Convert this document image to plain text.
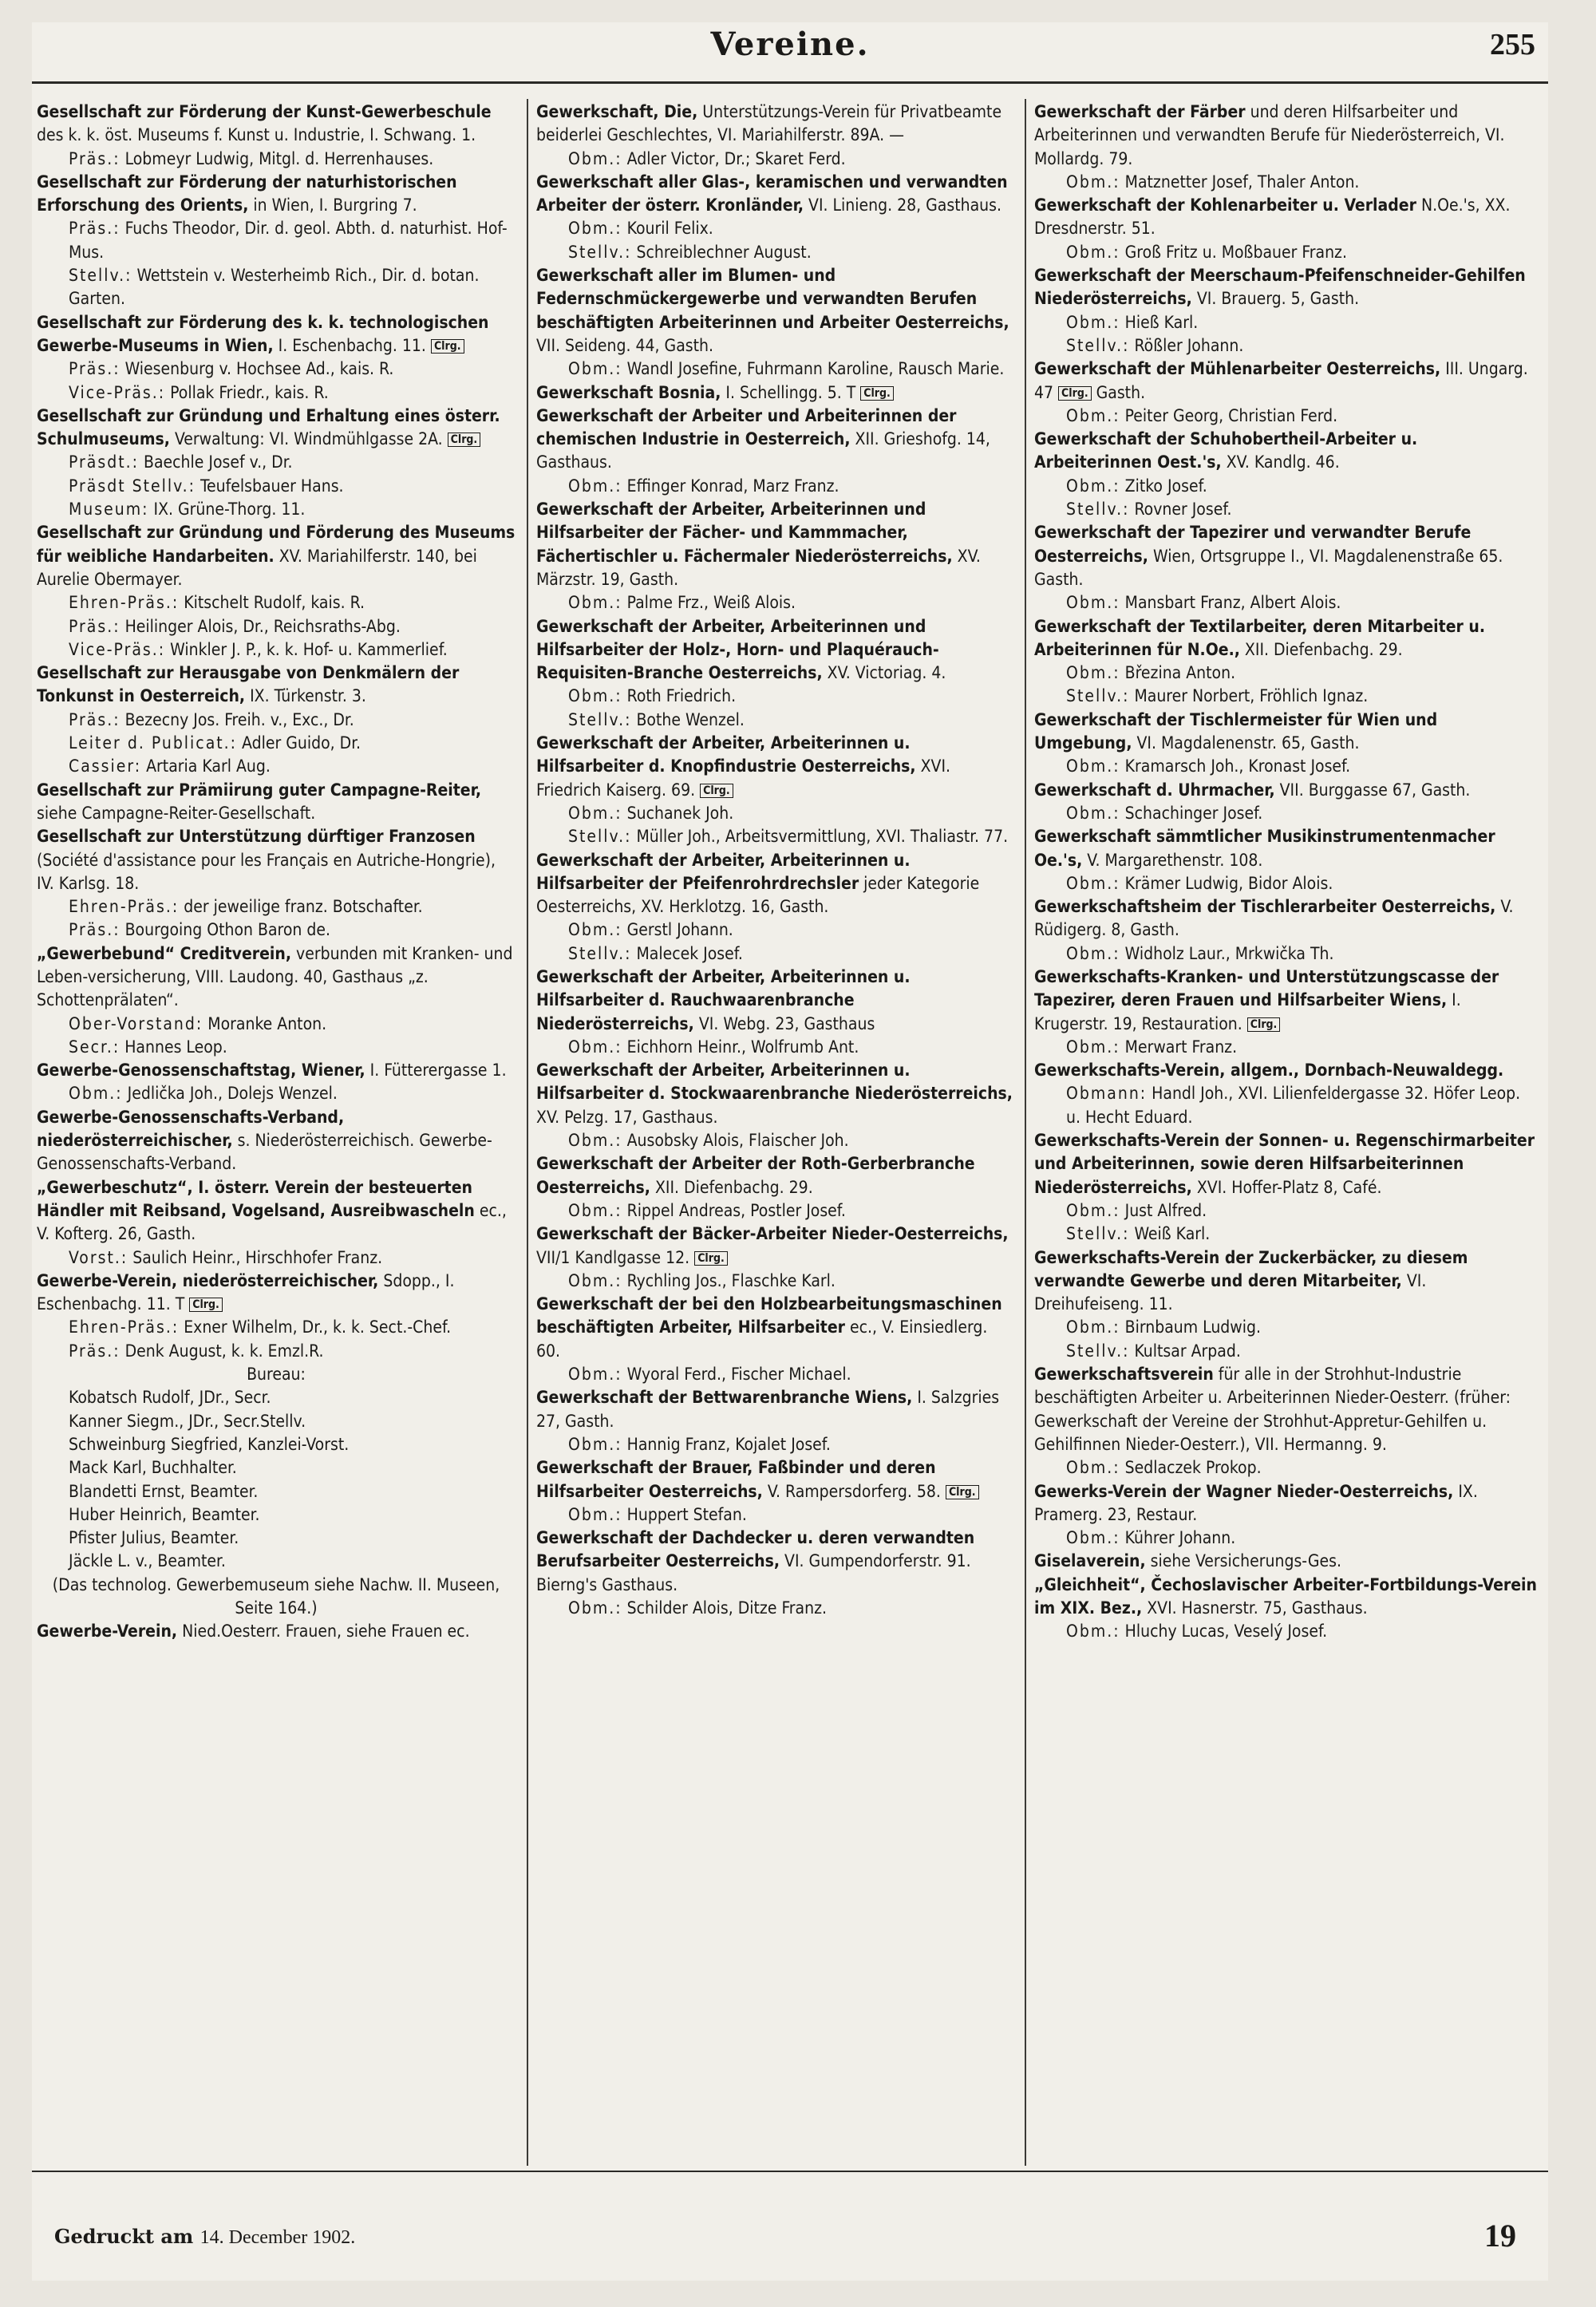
Vereine.	255
Gesellschaft zur Förderung der Kunst-Gewerbeschule des k. k. öst. Museums f. Kunst u. Industrie, I. Schwang. 1.
Präs.: Lobmeyr Ludwig, Mitgl. d. Herrenhauses.
Gesellschaft zur Förderung der naturhistorischen Erforschung des Orients, in Wien, I. Burgring 7.
Präs.: Fuchs Theodor, Dir. d. geol. Abth. d. naturhist. Hof-Mus.
Stellv.: Wettstein v. Westerheimb Rich., Dir. d. botan. Garten.
Gesellschaft zur Förderung des k. k. technologischen Gewerbe-Museums in Wien, I. Eschenbachg. 11. Clrg.
Präs.: Wiesenburg v. Hochsee Ad., kais. R.
Vice-Präs.: Pollak Friedr., kais. R.
Gesellschaft zur Gründung und Erhaltung eines österr. Schulmuseums, Verwaltung: VI. Windmühlgasse 2A. Clrg.
Präsdt.: Baechle Josef v., Dr.
Präsdt Stellv.: Teufelsbauer Hans.
Museum: IX. Grüne-Thorg. 11.
Gesellschaft zur Gründung und Förderung des Museums für weibliche Handarbeiten. XV. Mariahilferstr. 140, bei Aurelie Obermayer.
Ehren-Präs.: Kitschelt Rudolf, kais. R.
Präs.: Heilinger Alois, Dr., Reichsraths-Abg.
Vice-Präs.: Winkler J. P., k. k. Hof- u. Kammerlief.
Gesellschaft zur Herausgabe von Denkmälern der Tonkunst in Oesterreich, IX. Türkenstr. 3.
Präs.: Bezecny Jos. Freih. v., Exc., Dr.
Leiter d. Publicat.: Adler Guido, Dr.
Cassier: Artaria Karl Aug.
Gesellschaft zur Prämiirung guter Campagne-Reiter, siehe Campagne-Reiter-Gesellschaft.
Gesellschaft zur Unterstützung dürftiger Franzosen (Société d'assistance pour les Français en Autriche-Hongrie), IV. Karlsg. 18.
Ehren-Präs.: der jeweilige franz. Botschafter.
Präs.: Bourgoing Othon Baron de.
„Gewerbebund“ Creditverein, verbunden mit Kranken- und Leben-versicherung, VIII. Laudong. 40, Gasthaus „z. Schottenprälaten“.
Ober-Vorstand: Moranke Anton.
Secr.: Hannes Leop.
Gewerbe-Genossenschaftstag, Wiener, I. Fütterergasse 1.
Obm.: Jedlička Joh., Dolejs Wenzel.
Gewerbe-Genossenschafts-Verband, niederösterreichischer, s. Niederösterreichisch. Gewerbe-Genossenschafts-Verband.
„Gewerbeschutz“, I. österr. Verein der besteuerten Händler mit Reibsand, Vogelsand, Ausreibwascheln ec., V. Kofterg. 26, Gasth.
Vorst.: Saulich Heinr., Hirschhofer Franz.
Gewerbe-Verein, niederösterreichischer, Sdopp., I. Eschenbachg. 11. T Clrg.
Ehren-Präs.: Exner Wilhelm, Dr., k. k. Sect.-Chef.
Präs.: Denk August, k. k. Emzl.R.
Bureau:
Kobatsch Rudolf, JDr., Secr.
Kanner Siegm., JDr., Secr.Stellv.
Schweinburg Siegfried, Kanzlei-Vorst.
Mack Karl, Buchhalter.
Blandetti Ernst, Beamter.
Huber Heinrich, Beamter.
Pfister Julius, Beamter.
Jäckle L. v., Beamter.
(Das technolog. Gewerbemuseum siehe Nachw. II. Museen, Seite 164.)
Gewerbe-Verein, Nied.Oesterr. Frauen, siehe Frauen ec.
Gewerkschaft, Die, Unterstützungs-Verein für Privatbeamte beiderlei Geschlechtes, VI. Mariahilferstr. 89A. —
Obm.: Adler Victor, Dr.; Skaret Ferd.
Gewerkschaft aller Glas-, keramischen und verwandten Arbeiter der österr. Kronländer, VI. Linieng. 28, Gasthaus.
Obm.: Kouril Felix.
Stellv.: Schreiblechner August.
Gewerkschaft aller im Blumen- und Federnschmückergewerbe und verwandten Berufen beschäftigten Arbeiterinnen und Arbeiter Oesterreichs, VII. Seideng. 44, Gasth.
Obm.: Wandl Josefine, Fuhrmann Karoline, Rausch Marie.
Gewerkschaft Bosnia, I. Schellingg. 5. T Clrg.
Gewerkschaft der Arbeiter und Arbeiterinnen der chemischen Industrie in Oesterreich, XII. Grieshofg. 14, Gasthaus.
Obm.: Effinger Konrad, Marz Franz.
Gewerkschaft der Arbeiter, Arbeiterinnen und Hilfsarbeiter der Fächer- und Kammmacher, Fächertischler u. Fächermaler Niederösterreichs, XV. Märzstr. 19, Gasth.
Obm.: Palme Frz., Weiß Alois.
Gewerkschaft der Arbeiter, Arbeiterinnen und Hilfsarbeiter der Holz-, Horn- und Plaquérauch-Requisiten-Branche Oesterreichs, XV. Victoriag. 4.
Obm.: Roth Friedrich.
Stellv.: Bothe Wenzel.
Gewerkschaft der Arbeiter, Arbeiterinnen u. Hilfsarbeiter d. Knopfindustrie Oesterreichs, XVI. Friedrich Kaiserg. 69. Clrg.
Obm.: Suchanek Joh.
Stellv.: Müller Joh., Arbeitsvermittlung, XVI. Thaliastr. 77.
Gewerkschaft der Arbeiter, Arbeiterinnen u. Hilfsarbeiter der Pfeifenrohrdrechsler jeder Kategorie Oesterreichs, XV. Herklotzg. 16, Gasth.
Obm.: Gerstl Johann.
Stellv.: Malecek Josef.
Gewerkschaft der Arbeiter, Arbeiterinnen u. Hilfsarbeiter d. Rauchwaarenbranche Niederösterreichs, VI. Webg. 23, Gasthaus
Obm.: Eichhorn Heinr., Wolfrumb Ant.
Gewerkschaft der Arbeiter, Arbeiterinnen u. Hilfsarbeiter d. Stockwaarenbranche Niederösterreichs, XV. Pelzg. 17, Gasthaus.
Obm.: Ausobsky Alois, Flaischer Joh.
Gewerkschaft der Arbeiter der Roth-Gerberbranche Oesterreichs, XII. Diefenbachg. 29.
Obm.: Rippel Andreas, Postler Josef.
Gewerkschaft der Bäcker-Arbeiter Nieder-Oesterreichs, VII/1 Kandlgasse 12. Clrg.
Obm.: Rychling Jos., Flaschke Karl.
Gewerkschaft der bei den Holzbearbeitungsmaschinen beschäftigten Arbeiter, Hilfsarbeiter ec., V. Einsiedlerg. 60.
Obm.: Wyoral Ferd., Fischer Michael.
Gewerkschaft der Bettwarenbranche Wiens, I. Salzgries 27, Gasth.
Obm.: Hannig Franz, Kojalet Josef.
Gewerkschaft der Brauer, Faßbinder und deren Hilfsarbeiter Oesterreichs, V. Rampersdorferg. 58. Clrg.
Obm.: Huppert Stefan.
Gewerkschaft der Dachdecker u. deren verwandten Berufsarbeiter Oesterreichs, VI. Gumpendorferstr. 91. Bierng's Gasthaus.
Obm.: Schilder Alois, Ditze Franz.
Gewerkschaft der Färber und deren Hilfsarbeiter und Arbeiterinnen und verwandten Berufe für Niederösterreich, VI. Mollardg. 79.
Obm.: Matznetter Josef, Thaler Anton.
Gewerkschaft der Kohlenarbeiter u. Verlader N.Oe.'s, XX. Dresdnerstr. 51.
Obm.: Groß Fritz u. Moßbauer Franz.
Gewerkschaft der Meerschaum-Pfeifenschneider-Gehilfen Niederösterreichs, VI. Brauerg. 5, Gasth.
Obm.: Hieß Karl.
Stellv.: Rößler Johann.
Gewerkschaft der Mühlenarbeiter Oesterreichs, III. Ungarg. 47 Clrg. Gasth.
Obm.: Peiter Georg, Christian Ferd.
Gewerkschaft der Schuhobertheil-Arbeiter u. Arbeiterinnen Oest.'s, XV. Kandlg. 46.
Obm.: Zitko Josef.
Stellv.: Rovner Josef.
Gewerkschaft der Tapezirer und verwandter Berufe Oesterreichs, Wien, Ortsgruppe I., VI. Magdalenenstraße 65. Gasth.
Obm.: Mansbart Franz, Albert Alois.
Gewerkschaft der Textilarbeiter, deren Mitarbeiter u. Arbeiterinnen für N.Oe., XII. Diefenbachg. 29.
Obm.: Březina Anton.
Stellv.: Maurer Norbert, Fröhlich Ignaz.
Gewerkschaft der Tischlermeister für Wien und Umgebung, VI. Magdalenenstr. 65, Gasth.
Obm.: Kramarsch Joh., Kronast Josef.
Gewerkschaft d. Uhrmacher, VII. Burggasse 67, Gasth.
Obm.: Schachinger Josef.
Gewerkschaft sämmtlicher Musikinstrumentenmacher Oe.'s, V. Margarethenstr. 108.
Obm.: Krämer Ludwig, Bidor Alois.
Gewerkschaftsheim der Tischlerarbeiter Oesterreichs, V. Rüdigerg. 8, Gasth.
Obm.: Widholz Laur., Mrkwička Th.
Gewerkschafts-Kranken- und Unterstützungscasse der Tapezirer, deren Frauen und Hilfsarbeiter Wiens, I. Krugerstr. 19, Restauration. Clrg.
Obm.: Merwart Franz.
Gewerkschafts-Verein, allgem., Dornbach-Neuwaldegg.
Obmann: Handl Joh., XVI. Lilienfeldergasse 32. Höfer Leop. u. Hecht Eduard.
Gewerkschafts-Verein der Sonnen- u. Regenschirmarbeiter und Arbeiterinnen, sowie deren Hilfsarbeiterinnen Niederösterreichs, XVI. Hoffer-Platz 8, Café.
Obm.: Just Alfred.
Stellv.: Weiß Karl.
Gewerkschafts-Verein der Zuckerbäcker, zu diesem verwandte Gewerbe und deren Mitarbeiter, VI. Dreihufeiseng. 11.
Obm.: Birnbaum Ludwig.
Stellv.: Kultsar Arpad.
Gewerkschaftsverein für alle in der Strohhut-Industrie beschäftigten Arbeiter u. Arbeiterinnen Nieder-Oesterr. (früher: Gewerkschaft der Vereine der Strohhut-Appretur-Gehilfen u. Gehilfinnen Nieder-Oesterr.), VII. Hermanng. 9.
Obm.: Sedlaczek Prokop.
Gewerks-Verein der Wagner Nieder-Oesterreichs, IX. Pramerg. 23, Restaur.
Obm.: Kührer Johann.
Giselaverein, siehe Versicherungs-Ges.
„Gleichheit“, Čechoslavischer Arbeiter-Fortbildungs-Verein im XIX. Bez., XVI. Hasnerstr. 75, Gasthaus.
Obm.: Hluchy Lucas, Veselý Josef.
Gedruckt am 14. December 1902.	19
